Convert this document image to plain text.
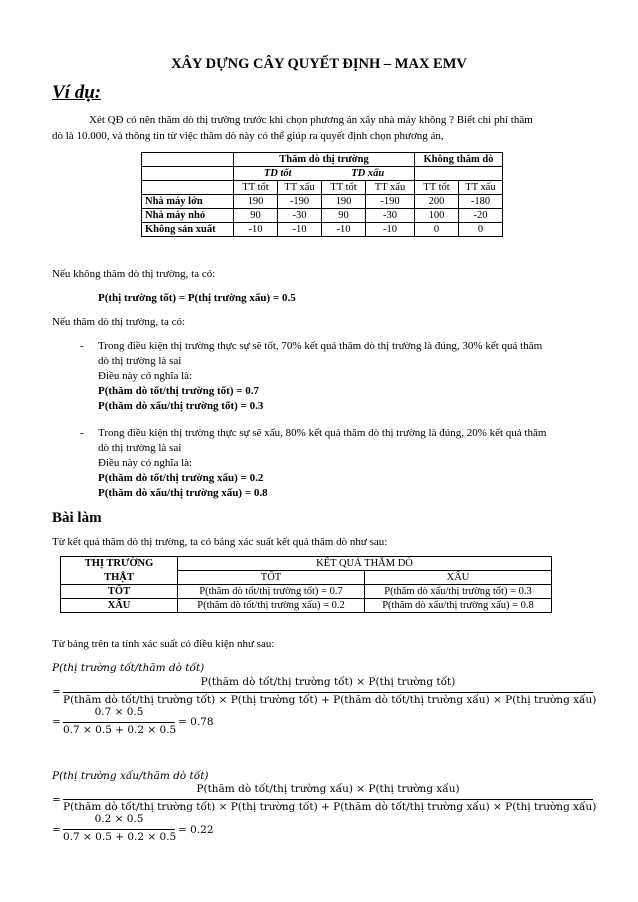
XÂY DỰNG CÂY QUYẾT ĐỊNH – MAX EMV
Ví dụ:
Xét QĐ có nên thăm dò thị trường trước khi chọn phương án xây nhà máy không ? Biết chi phí thăm
dò là 10.000, và thông tin từ việc thăm dò này có thể giúp ra quyết định chọn phương án,
	Thăm dò thị trường				Không thăm dò	
	TD tốt		TD xấu			
	TT tốt	TT xấu	TT tốt	TT xấu	TT tốt	TT xấu
Nhà máy lớn	190	-190	190	-190	200	-180
Nhà máy nhỏ	90	-30	90	-30	100	-20
Không sản xuất	-10	-10	-10	-10	0	0
Nếu không thăm dò thị trường, ta có:
P(thị trường tốt) = P(thị trường xấu) = 0.5
Nếu thăm dò thị trường, ta có:
- Trong điều kiện thị trường thực sự sẽ tốt, 70% kết quả thăm dò thị trường là đúng, 30% kết quả thăm
dò thị trường là sai
Điều này có nghĩa là:
P(thăm dò tốt/thị trường tốt) = 0.7
P(thăm dò xấu/thị trường tốt) = 0.3
- Trong điều kiện thị trường thực sự sẽ xấu, 80% kết quả thăm dò thị trường là đúng, 20% kết quả thăm
dò thị trường là sai
Điều này có nghĩa là:
P(thăm dò tốt/thị trường xấu) = 0.2
P(thăm dò xấu/thị trường xấu) = 0.8
Bài làm
Từ kết quả thăm dò thị trường, ta có bảng xác suất kết quả thăm dò như sau:
THỊ TRƯỜNG	KẾT QUẢ THĂM DÒ	
THẬT	TỐT	XẤU
TỐT	P(thăm dò tốt/thị trường tốt) = 0.7	P(thăm dò xấu/thị trường tốt) = 0.3
XẤU	P(thăm dò tốt/thị trường xấu) = 0.2	P(thăm dò xấu/thị trường xấu) = 0.8
Từ bảng trên ta tính xác suất có điều kiện như sau:
P(thị trường tốt/thăm dò tốt)
=
P(thăm dò tốt/thị trường tốt) × P(thị trường tốt)
P(thăm dò tốt/thị trường tốt) × P(thị trường tốt) + P(thăm dò tốt/thị trường xấu) × P(thị trường xấu)
=
0.7 × 0.5
0.7 × 0.5 + 0.2 × 0.5
= 0.78
P(thị trường xấu/thăm dò tốt)
=
P(thăm dò tốt/thị trường xấu) × P(thị trường xấu)
P(thăm dò tốt/thị trường tốt) × P(thị trường tốt) + P(thăm dò tốt/thị trường xấu) × P(thị trường xấu)
=
0.2 × 0.5
0.7 × 0.5 + 0.2 × 0.5
= 0.22
